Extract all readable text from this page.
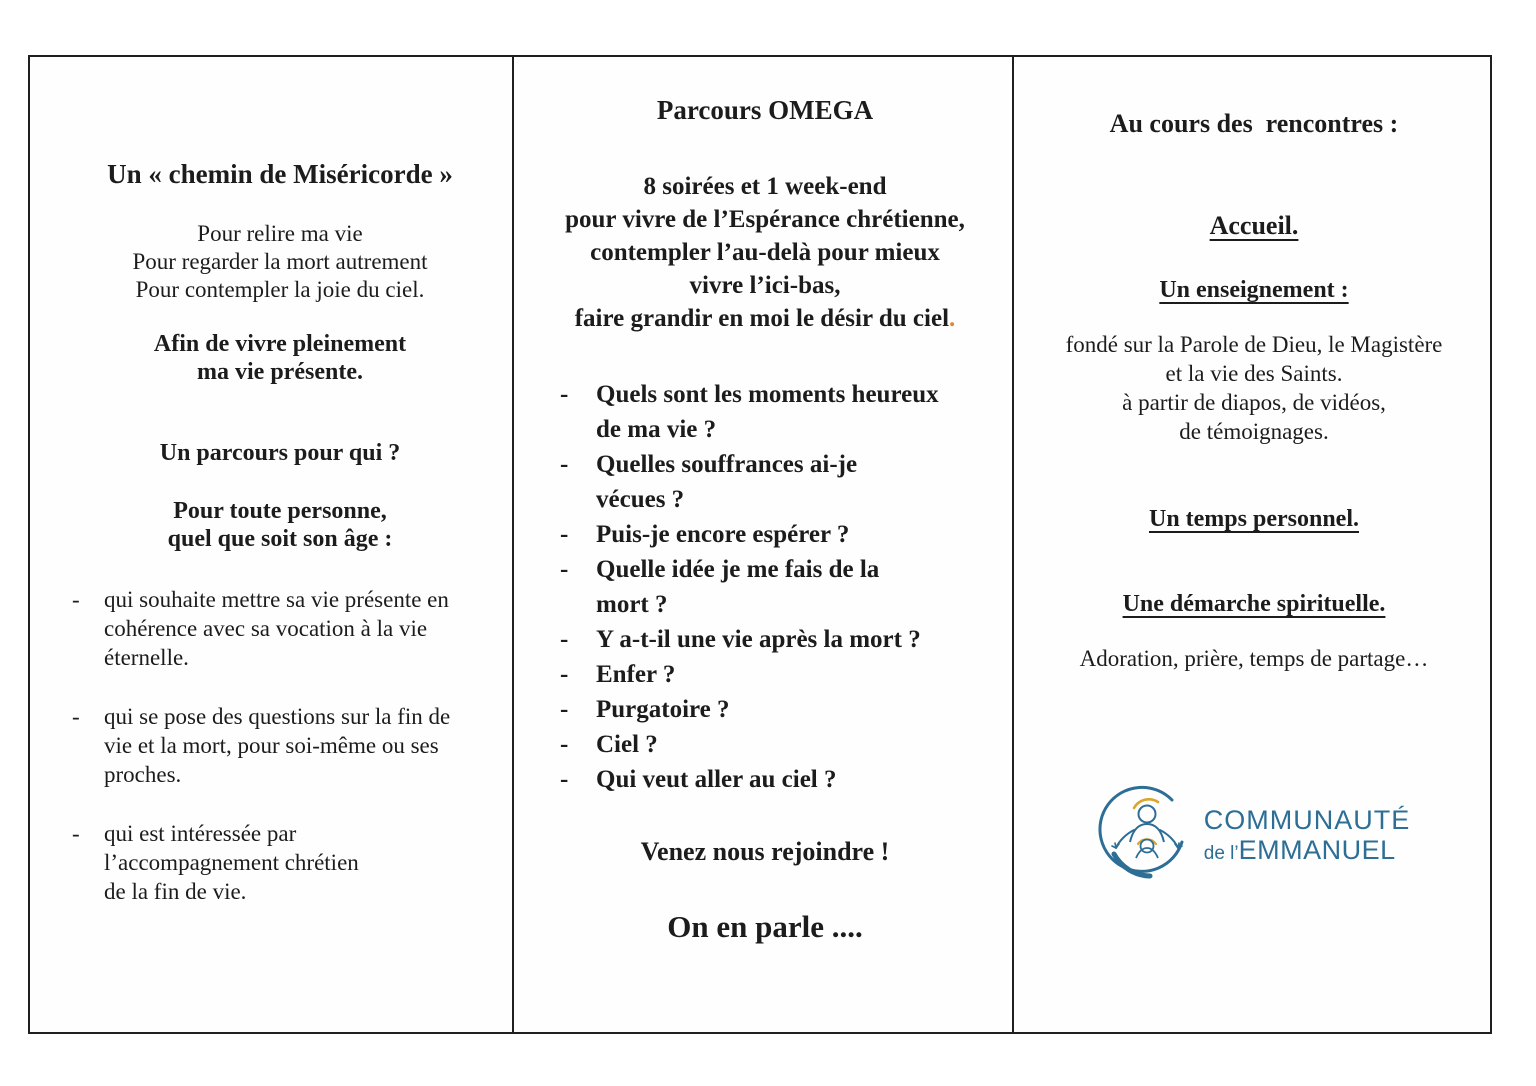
Un « chemin de Miséricorde »
Pour relire ma vie
Pour regarder la mort autrement
Pour contempler la joie du ciel.
Afin de vivre pleinement
ma vie présente.
Un parcours pour qui ?
Pour toute personne,
quel que soit son âge :
-	qui souhaite mettre sa vie présente en
cohérence avec sa vocation à la vie
éternelle.
-	qui se pose des questions sur la fin de
vie et la mort, pour soi-même ou ses
proches.
-	qui est intéressée par
l’accompagnement chrétien
de la fin de vie.
Parcours OMEGA
8 soirées et 1 week-end
pour vivre de l’Espérance chrétienne,
contempler l’au-delà pour mieux
vivre l’ici-bas,
faire grandir en moi le désir du ciel.
-	Quels sont les moments heureux
de ma vie ?
-	Quelles souffrances ai-je
vécues ?
-	Puis-je encore espérer ?
-	Quelle idée je me fais de la
mort ?
-	Y a-t-il une vie après la mort ?
-	Enfer ?
-	Purgatoire ?
-	Ciel ?
-	Qui veut aller au ciel ?
Venez nous rejoindre !
On en parle ....
Au cours des  rencontres :
Accueil.
Un enseignement :
fondé sur la Parole de Dieu, le Magistère
et la vie des Saints.
à partir de diapos, de vidéos,
de témoignages.
Un temps personnel.
Une démarche spirituelle.
Adoration, prière, temps de partage…
COMMUNAUTÉ
de l’EMMANUEL
